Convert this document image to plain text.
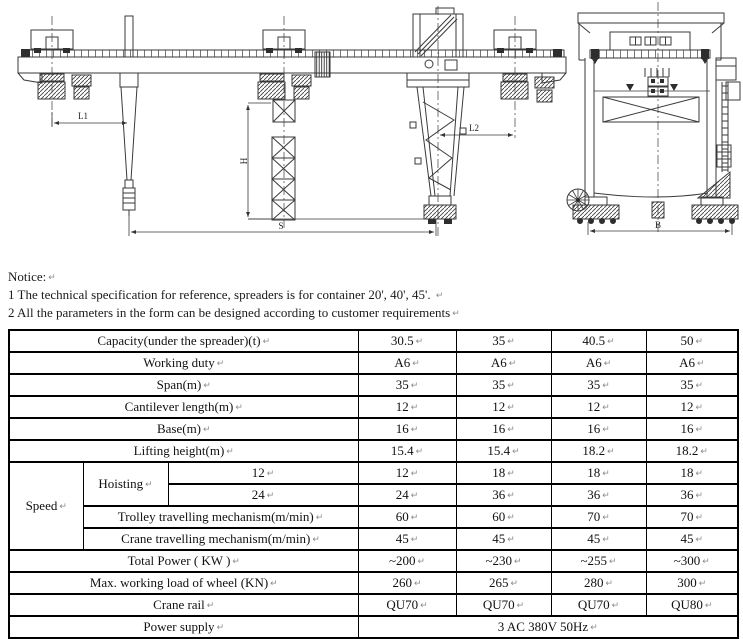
L1
H
L2
S	B
Notice: ↵
1 The technical specification for reference, spreaders is for container 20', 40', 45'. ↵
2 All the parameters in the form can be designed according to customer requirements ↵
Capacity(under the spreader)(t) ↵			30.5 ↵	35 ↵	40.5 ↵	50 ↵
Working duty ↵			A6 ↵	A6 ↵	A6 ↵	A6 ↵
Span(m) ↵			35 ↵	35 ↵	35 ↵	35 ↵
Cantilever length(m) ↵			12 ↵	12 ↵	12 ↵	12 ↵
Base(m) ↵			16 ↵	16 ↵	16 ↵	16 ↵
Lifting height(m) ↵			15.4 ↵	15.4 ↵	18.2 ↵	18.2 ↵
Speed ↵	Hoisting ↵	12 ↵	12 ↵	18 ↵	18 ↵	18 ↵
		24 ↵	24 ↵	36 ↵	36 ↵	36 ↵
	Trolley travelling mechanism(m/min) ↵		60 ↵	60 ↵	70 ↵	70 ↵
	Crane travelling mechanism(m/min) ↵		45 ↵	45 ↵	45 ↵	45 ↵
Total Power ( KW ) ↵			~200 ↵	~230 ↵	~255 ↵	~300 ↵
Max. working load of wheel (KN) ↵			260 ↵	265 ↵	280 ↵	300 ↵
Crane rail ↵			QU70 ↵	QU70 ↵	QU70 ↵	QU80 ↵
Power supply ↵			3 AC 380V 50Hz ↵			
